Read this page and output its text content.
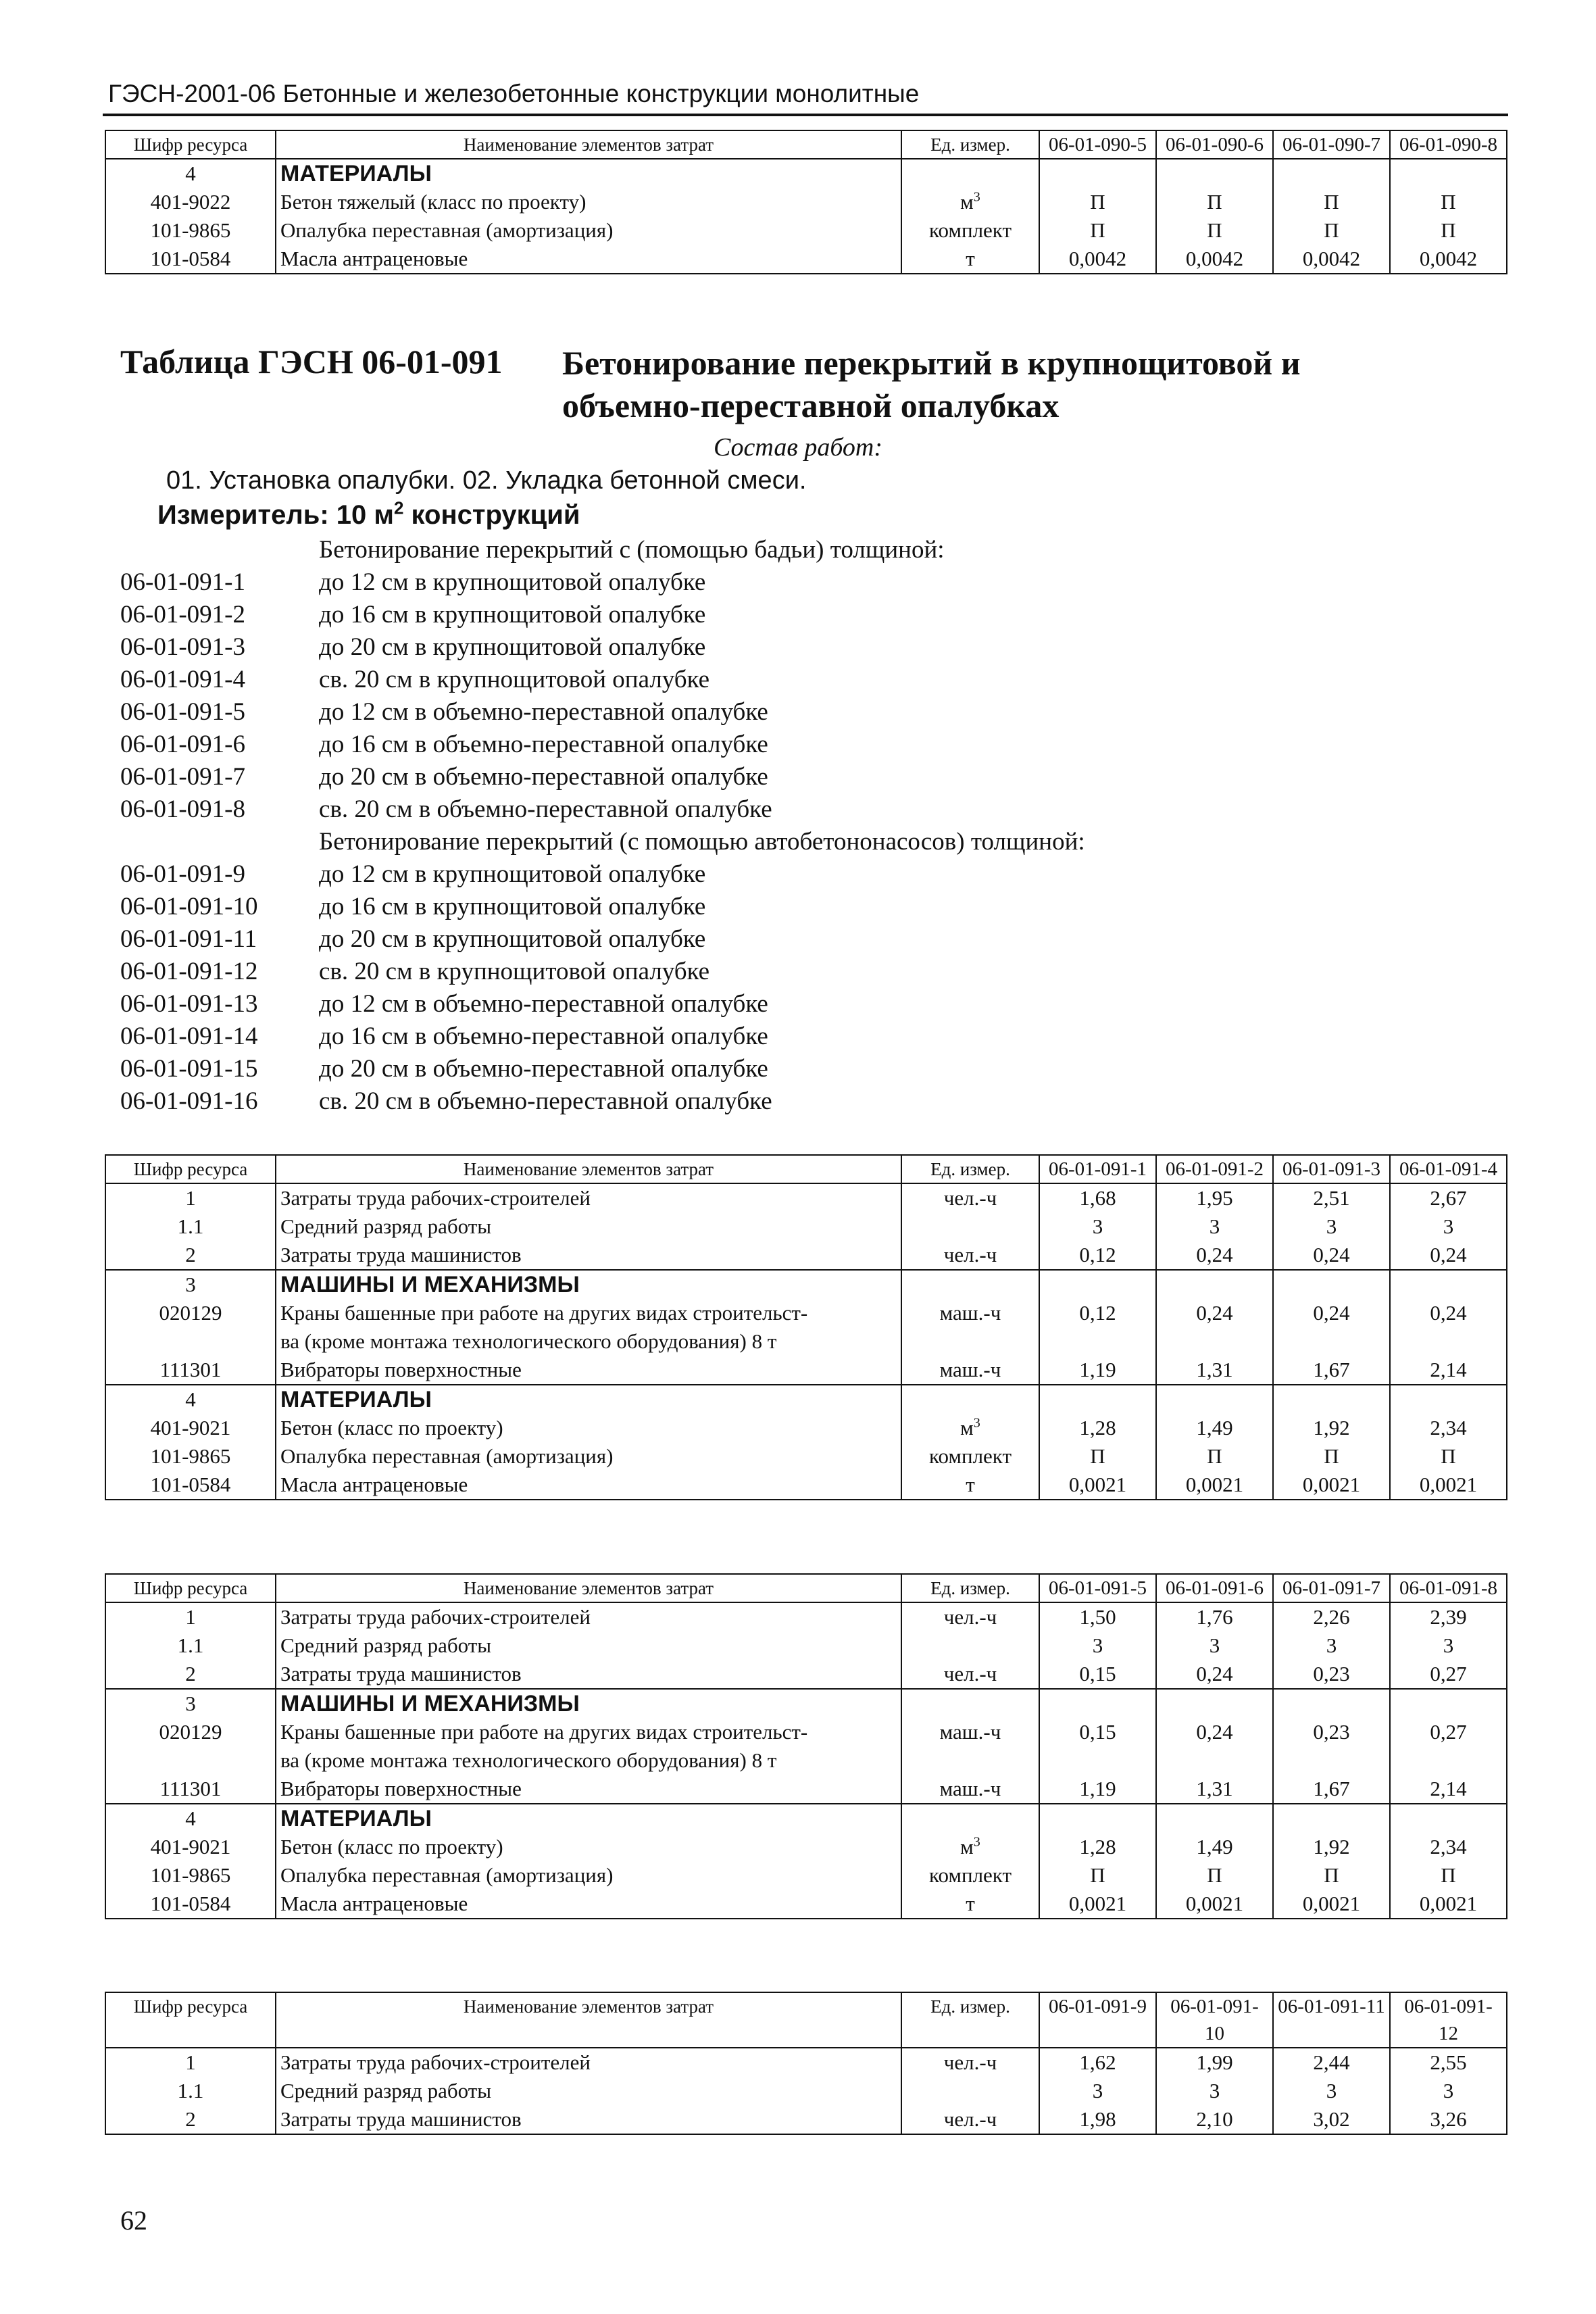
ГЭСН-2001-06 Бетонные и железобетонные конструкции монолитные
Шифр ресурса	Наименование элементов затрат	Ед. измер.	06-01-090-5	06-01-090-6	06-01-090-7	06-01-090-8
4	МАТЕРИАЛЫ					
401-9022	Бетон тяжелый (класс по проекту)	$м^3$	П	П	П	П
101-9865	Опалубка переставная (амортизация)	комплект	П	П	П	П
101-0584	Масла антраценовые	т	0,0042	0,0042	0,0042	0,0042
Таблица ГЭСН 06-01-091 Бетонирование перекрытий в крупнощитовой и объемно-переставной опалубках
Состав работ:
01. Установка опалубки. 02. Укладка бетонной смеси.
Измеритель: 10 $м^2$ конструкций
Бетонирование перекрытий с (помощью бадьи) толщиной:
06-01-091-1	до 12 см в крупнощитовой опалубке
06-01-091-2	до 16 см в крупнощитовой опалубке
06-01-091-3	до 20 см в крупнощитовой опалубке
06-01-091-4	св. 20 см в крупнощитовой опалубке
06-01-091-5	до 12 см в объемно-переставной опалубке
06-01-091-6	до 16 см в объемно-переставной опалубке
06-01-091-7	до 20 см в объемно-переставной опалубке
06-01-091-8	св. 20 см в объемно-переставной опалубке
Бетонирование перекрытий (с помощью автобетононасосов) толщиной:
06-01-091-9	до 12 см в крупнощитовой опалубке
06-01-091-10	до 16 см в крупнощитовой опалубке
06-01-091-11	до 20 см в крупнощитовой опалубке
06-01-091-12	св. 20 см в крупнощитовой опалубке
06-01-091-13	до 12 см в объемно-переставной опалубке
06-01-091-14	до 16 см в объемно-переставной опалубке
06-01-091-15	до 20 см в объемно-переставной опалубке
06-01-091-16	св. 20 см в объемно-переставной опалубке
Шифр ресурса	Наименование элементов затрат	Ед. измер.	06-01-091-1	06-01-091-2	06-01-091-3	06-01-091-4
1	Затраты труда рабочих-строителей	чел.-ч	1,68	1,95	2,51	2,67
1.1	Средний разряд работы		3	3	3	3
2	Затраты труда машинистов	чел.-ч	0,12	0,24	0,24	0,24
3	МАШИНЫ И МЕХАНИЗМЫ					
020129	Краны башенные при работе на других видах строительст-	маш.-ч	0,12	0,24	0,24	0,24
	ва (кроме монтажа технологического оборудования) 8 т					
111301	Вибраторы поверхностные	маш.-ч	1,19	1,31	1,67	2,14
4	МАТЕРИАЛЫ					
401-9021	Бетон (класс по проекту)	$м^3$	1,28	1,49	1,92	2,34
101-9865	Опалубка переставная (амортизация)	комплект	П	П	П	П
101-0584	Масла антраценовые	т	0,0021	0,0021	0,0021	0,0021
Шифр ресурса	Наименование элементов затрат	Ед. измер.	06-01-091-5	06-01-091-6	06-01-091-7	06-01-091-8
1	Затраты труда рабочих-строителей	чел.-ч	1,50	1,76	2,26	2,39
1.1	Средний разряд работы		3	3	3	3
2	Затраты труда машинистов	чел.-ч	0,15	0,24	0,23	0,27
3	МАШИНЫ И МЕХАНИЗМЫ					
020129	Краны башенные при работе на других видах строительст-	маш.-ч	0,15	0,24	0,23	0,27
	ва (кроме монтажа технологического оборудования) 8 т					
111301	Вибраторы поверхностные	маш.-ч	1,19	1,31	1,67	2,14
4	МАТЕРИАЛЫ					
401-9021	Бетон (класс по проекту)	$м^3$	1,28	1,49	1,92	2,34
101-9865	Опалубка переставная (амортизация)	комплект	П	П	П	П
101-0584	Масла антраценовые	т	0,0021	0,0021	0,0021	0,0021
Шифр ресурса	Наименование элементов затрат	Ед. измер.	06-01-091-9	06-01-091-10	06-01-091-11	06-01-091-12
1	Затраты труда рабочих-строителей	чел.-ч	1,62	1,99	2,44	2,55
1.1	Средний разряд работы		3	3	3	3
2	Затраты труда машинистов	чел.-ч	1,98	2,10	3,02	3,26
62
